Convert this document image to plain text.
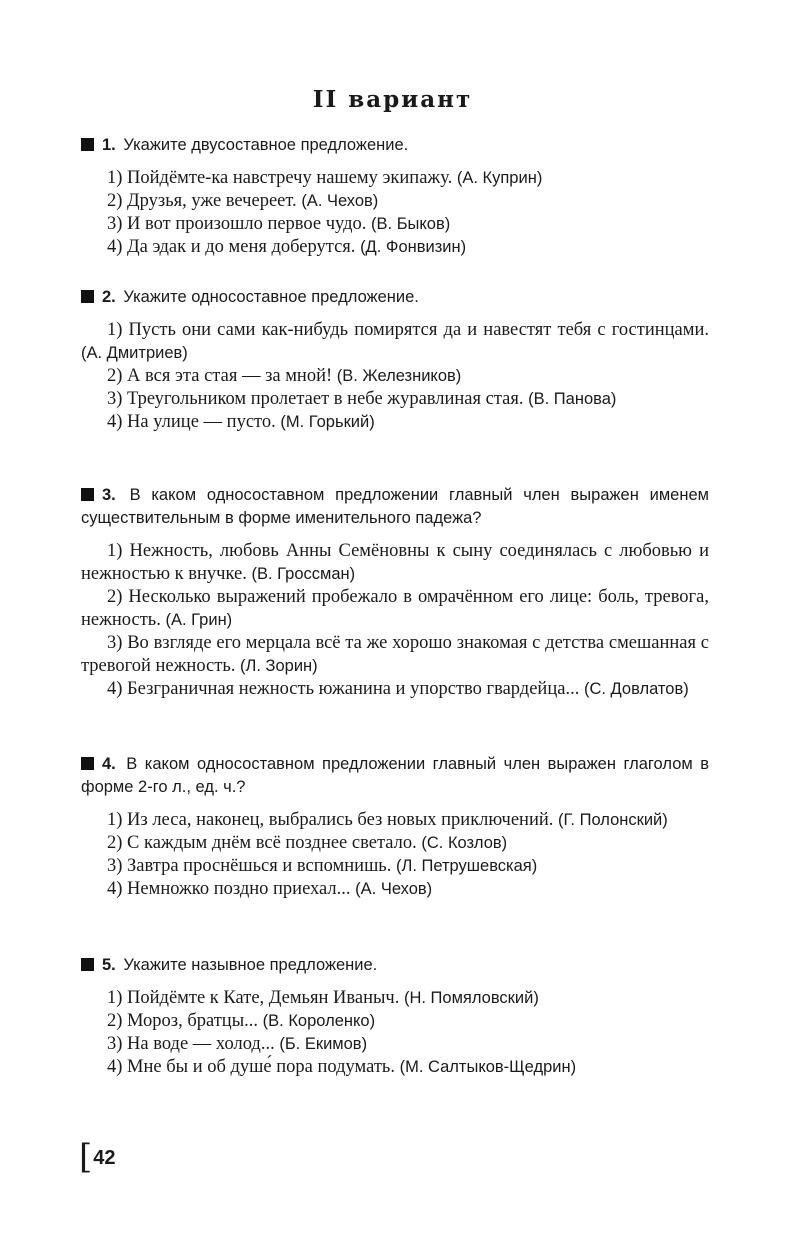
II вариант
1. Укажите двусоставное предложение.

1) Пойдёмте-ка навстречу нашему экипажу. (А. Куприн)

2) Друзья, уже вечереет. (А. Чехов)

3) И вот произошло первое чудо. (В. Быков)

4) Да эдак и до меня доберутся. (Д. Фонвизин)

2. Укажите односоставное предложение.

1) Пусть они сами как-нибудь помирятся да и навестят тебя с гостинцами. (А. Дмитриев)

2) А вся эта стая — за мной! (В. Железников)

3) Треугольником пролетает в небе журавлиная стая. (В. Панова)

4) На улице — пусто. (М. Горький)

3. В каком односоставном предложении главный член выражен именем существительным в форме именительного падежа?

1) Нежность, любовь Анны Семёновны к сыну соединялась с любовью и нежностью к внучке. (В. Гроссман)

2) Несколько выражений пробежало в омрачённом его лице: боль, тревога, нежность. (А. Грин)

3) Во взгляде его мерцала всё та же хорошо знакомая с детства смешанная с тревогой нежность. (Л. Зорин)

4) Безграничная нежность южанина и упорство гвардейца... (С. Довлатов)

4. В каком односоставном предложении главный член выражен глаголом в форме 2-го л., ед. ч.?

1) Из леса, наконец, выбрались без новых приключений. (Г. Полонский)

2) С каждым днём всё позднее светало. (С. Козлов)

3) Завтра проснёшься и вспомнишь. (Л. Петрушевская)

4) Немножко поздно приехал... (А. Чехов)

5. Укажите назывное предложение.

1) Пойдёмте к Кате, Демьян Иваныч. (Н. Помяловский)

2) Мороз, братцы... (В. Короленко)

3) На воде — холод... (Б. Екимов)

4) Мне бы и об душе́ пора подумать. (М. Салтыков-Щедрин)

[42
